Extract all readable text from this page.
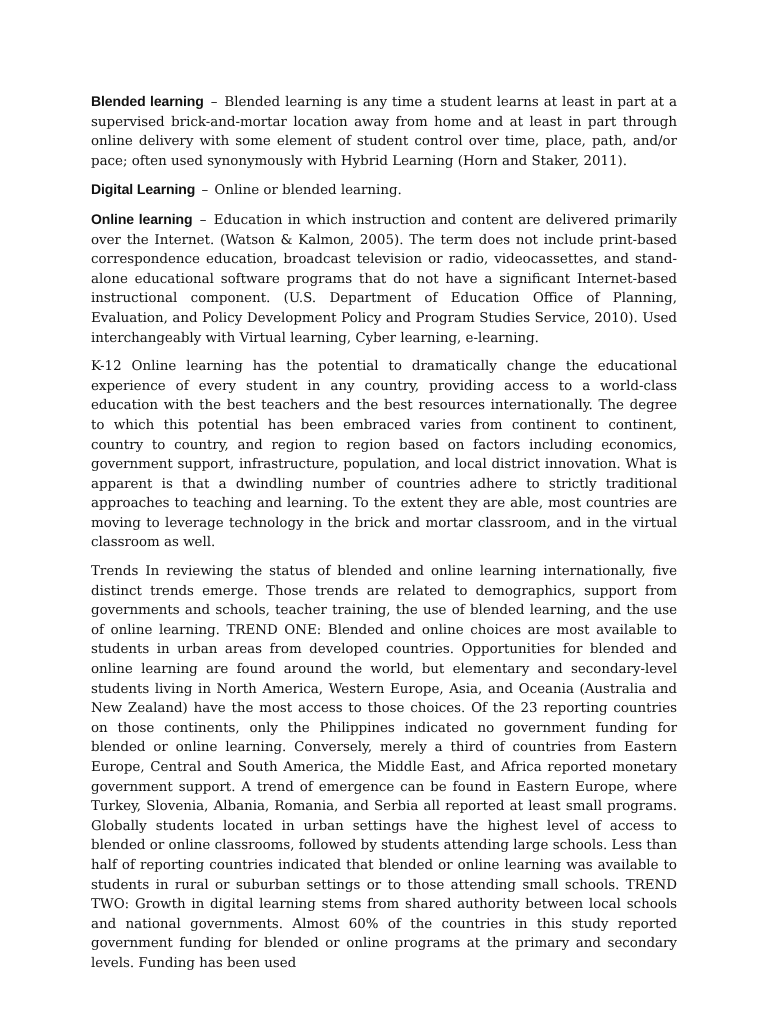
Blended learning – Blended learning is any time a student learns at least in part at a supervised brick-and-mortar location away from home and at least in part through online delivery with some element of student control over time, place, path, and/or pace; often used synonymously with Hybrid Learning (Horn and Staker, 2011).

Digital Learning – Online or blended learning.

Online learning – Education in which instruction and content are delivered primarily over the Internet. (Watson & Kalmon, 2005). The term does not include print-based correspondence education, broadcast television or radio, videocassettes, and stand-alone educational software programs that do not have a significant Internet-based instructional component. (U.S. Department of Education Office of Planning, Evaluation, and Policy Development Policy and Program Studies Service, 2010). Used interchangeably with Virtual learning, Cyber learning, e-learning.

K-12 Online learning has the potential to dramatically change the educational experience of every student in any country, providing access to a world-class education with the best teachers and the best resources internationally. The degree to which this potential has been embraced varies from continent to continent, country to country, and region to region based on factors including economics, government support, infrastructure, population, and local district innovation. What is apparent is that a dwindling number of countries adhere to strictly traditional approaches to teaching and learning. To the extent they are able, most countries are moving to leverage technology in the brick and mortar classroom, and in the virtual classroom as well.

Trends In reviewing the status of blended and online learning internationally, five distinct trends emerge. Those trends are related to demographics, support from governments and schools, teacher training, the use of blended learning, and the use of online learning. TREND ONE: Blended and online choices are most available to students in urban areas from developed countries. Opportunities for blended and online learning are found around the world, but elementary and secondary-level students living in North America, Western Europe, Asia, and Oceania (Australia and New Zealand) have the most access to those choices. Of the 23 reporting countries on those continents, only the Philippines indicated no government funding for blended or online learning. Conversely, merely a third of countries from Eastern Europe, Central and South America, the Middle East, and Africa reported monetary government support. A trend of emergence can be found in Eastern Europe, where Turkey, Slovenia, Albania, Romania, and Serbia all reported at least small programs. Globally students located in urban settings have the highest level of access to blended or online classrooms, followed by students attending large schools. Less than half of reporting countries indicated that blended or online learning was available to students in rural or suburban settings or to those attending small schools. TREND TWO: Growth in digital learning stems from shared authority between local schools and national governments. Almost 60% of the countries in this study reported government funding for blended or online programs at the primary and secondary levels. Funding has been used
